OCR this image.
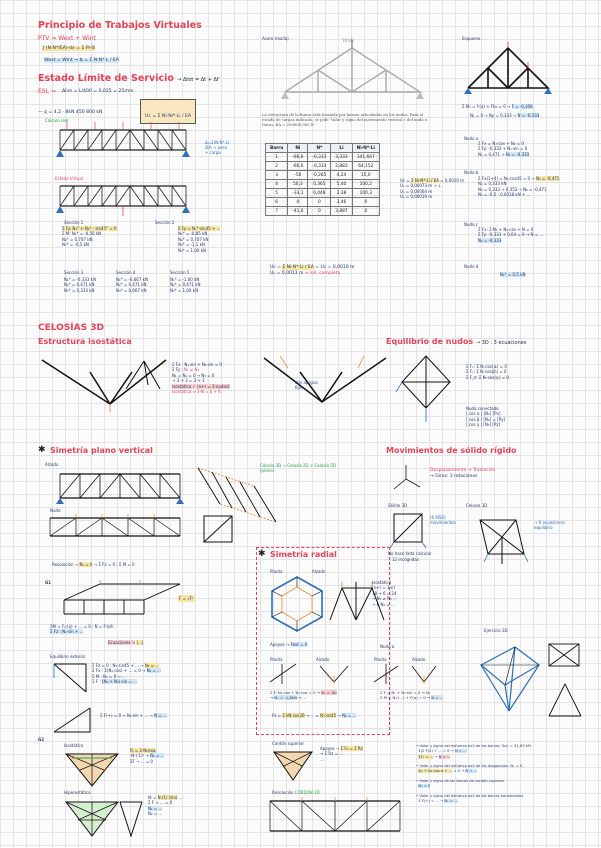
Principio de Trabajos Virtuales
PTV ⇒ Wext + Wint
∫ (N·N*/EA)·dx = Σ Pi·δi
Wext = Wint → Δ = Σ N·N*·L / EA
Estado Límite de Servicio → Δtot = Δt + Δf
ESL ⇒ Δlim = L/400 = 0,025 = 25mm
Uc = Σ Ni·Ni*·Li / EA
— q = 4,2 · 8kN 450 800 kN
Cálculo real
Δ=Σ(N·N*·L)
/EA → peso
+ carga
Estado Virtual
Sección 1
Σ Fy: N₁* + N₂* · sin45° = 0
Σ M: N₁* = -0,56 kN
N₂* = 0,707 kN
N₃* = -0,5 kN
Sección 2
Σ Fy = N₁*·sin45 + ...
N₁* = -0,85 kN
N₂* = 0,707 kN
N₃* = -1,1 kN
N₄* = 1,00 kN
Sección 3
N₁* = -0,333 kN
N₂* = 0,471 kN
N₃* = 0,333 kN
Sección 4
N₁* = -0,667 kN
N₂* = 0,471 kN
N₃* = 0,667 kN
Sección 5
N₁* = -1,00 kN
N₂* = 0,471 kN
N₃* = 1,00 kN
Acero (malla)	10 kN
La estructura de la figura está formada por barras articuladas en los nudos. Para el estado de cargas indicado, se pide: Valor y signo del movimiento vertical c del nudo e. Datos: EA = 200000,000 N
Barra	Ni	N*	Li	Ni·N*·Li
1	-66,6	-0,333	3,333	341,667
2	-66,6	-0,333	2,883	64,152
3	-50	-0,265	4,24	15,0
4	50,3	0,365	5,40	100,2
5	-33,1	0,448	2,38	100,3
6	0	0	3,46	0
7	-41,6	0	3,887	0
Uc = Σ Ni·N*·Li / EA = 0,0010 m
Uₒ = 0,00073·m → ↓
Uₙ = 0,00064 m
Uₐ = 0,00019 m
Uc = Σ Ni·N*·Li / EA = Uc = 0,0010 m
Uₑ = 0,0013 m → sol. completa
Esquema
Σ Mₐ = f·(a) + Fb₀ = 0 → F = -0,356
N₁ = 0 → Ny = 0,333 → N = -0,333
Nudo a
Σ Fx = N₁·cos + N₂ = 0
Σ Fy: -0,333 + N₁·sin = 0
N₁ = 0,471 → N₂ = -0,333
Nudo b
Σ Fx(1+4) = N₄·cos45 = 0 → N₃ = -0,471
N₄ = 0,333 kN
N₅ = 0,333 → 0,353 → N₆ = -0,471
N₇ = -0,5 · 0,0018 kN + ...
Nudo c
Σ Fx: 2·N₁ + N₂·cos + N = 0
Σ Fy: -0,333 + 0,04 = 0 → N = ...
N₂ = -0,333
Nudo d
N₁* = 0,5 kN
CELOSÍAS 3D
Estructura isostática
Σ Fx : N₁·sin + N₂·sin = 0
Σ Fy : N₁ ≠ N₂
N₁ = N₂ = 0 → N₃ = 0
→ 3 + 3 = 3 + 3
Isostática ✓ (n+r = 3·nudos)
Isostática ⇒ 3·N = b + R
dos apoyos
fijos
Equilibrio de nudos → 3D : 3 ecuaciones
Σ Fₓ: Σ Nᵢ·cos(αᵢ) = 0
Σ Fᵧ: Σ Nᵢ·cos(βᵢ) = 0
Σ F_z: Σ Nᵢ·cos(γᵢ) = 0
Nudo conectado
[ cos α ] [N₁] [Px]
[ cos β ] [N₂] = [Py]
[ cos γ ] [N₃] [Pz]
✱ Simetría plano vertical
Alzado	Celosía 3D → Celosía 2D + Celosía 2D
(plano)
Nudo
Resolución → N₁ = 0 → Σ Fz = 0 ; Σ M = 0
G1
F = √F²
ΣM = F₁·(a) + ... = 0 ; N = F·b/h
Σ Fz : N₁·sin + ...
Ecuaciones → (...)
Equilibrio exterior
Σ Fz = 0 : N₁·sin45 + ... → N₁ = ...
Σ Fx : Σ(N₁·cos) + ... = 0 → N₂ = ...
Σ M : N₃ = 0 → ...
Σ F : (N₄ + N₅)·sin = ...
Σ F(+) = 0 → N₃·sin + ... → N = ...
Movimientos de sólido rígido
Desplazamiento → Traslación
→ Giros: 3 rotaciones
Sólido 3D
(6 MSR)
movimientos
Celosía 3D
→ 6 ecuaciones
equilibrio
✱ Simetría radial	No hace falta calcular
12 incógnitas
Planta	Alzado
Isostática
(n+r = 3·n)
18 + 6 = 24
→ N₁ ≠ N₂ ...
→ 6·N₁ = ...
Apoyos → Fext = 0	Nudo a
Planta	Alzado	Planta	Alzado
Σ F: N₁·cos + N₂·cos = 0 → N₁ = -N₂
→ N₁ = -1,8kN → ...
Σ F = N₁ + N₂·sin = 0 → N₂
Σ M = N₂·(...) + F(a) = 0 → N = ...
Fz = 2 kN·cos30 → ... = N·cos45 → N₂ = ...
G2
Isostática
Rᵢ = 2·Ncosα
·N·(-1)ⁿ → N₁ = ...
ΣF → ... = 0
Hiperestática
Nᵢ = N·(1/ (sin) ...
Σ F → ... = 0
N₁ = ...
N₂ = ...
Cordón superior
Apoyos → Σ F₃ = Σ Rz
→ Σ Rz = ...
...
Resolución CÓRDON 3D
Ejercicio 3D
• Valor y signo del esfuerzo axil de las barras. Sol. = 41,63 kN
Σ(2·F/4) + ... = 0 → N = ...
ΣF₁ = ... → N = ...
• Valor y signo del esfuerzo axil de los diagonales. N₁ = 0
N₂ + N₃·cos α + ... = 0 → N = ...
• Valor y signo de las barras de cordón superior
N₃ = 0
• Valor y signo del esfuerzo axil de las barras horizontales
Σ F(+) = ... → N₁ = ...
